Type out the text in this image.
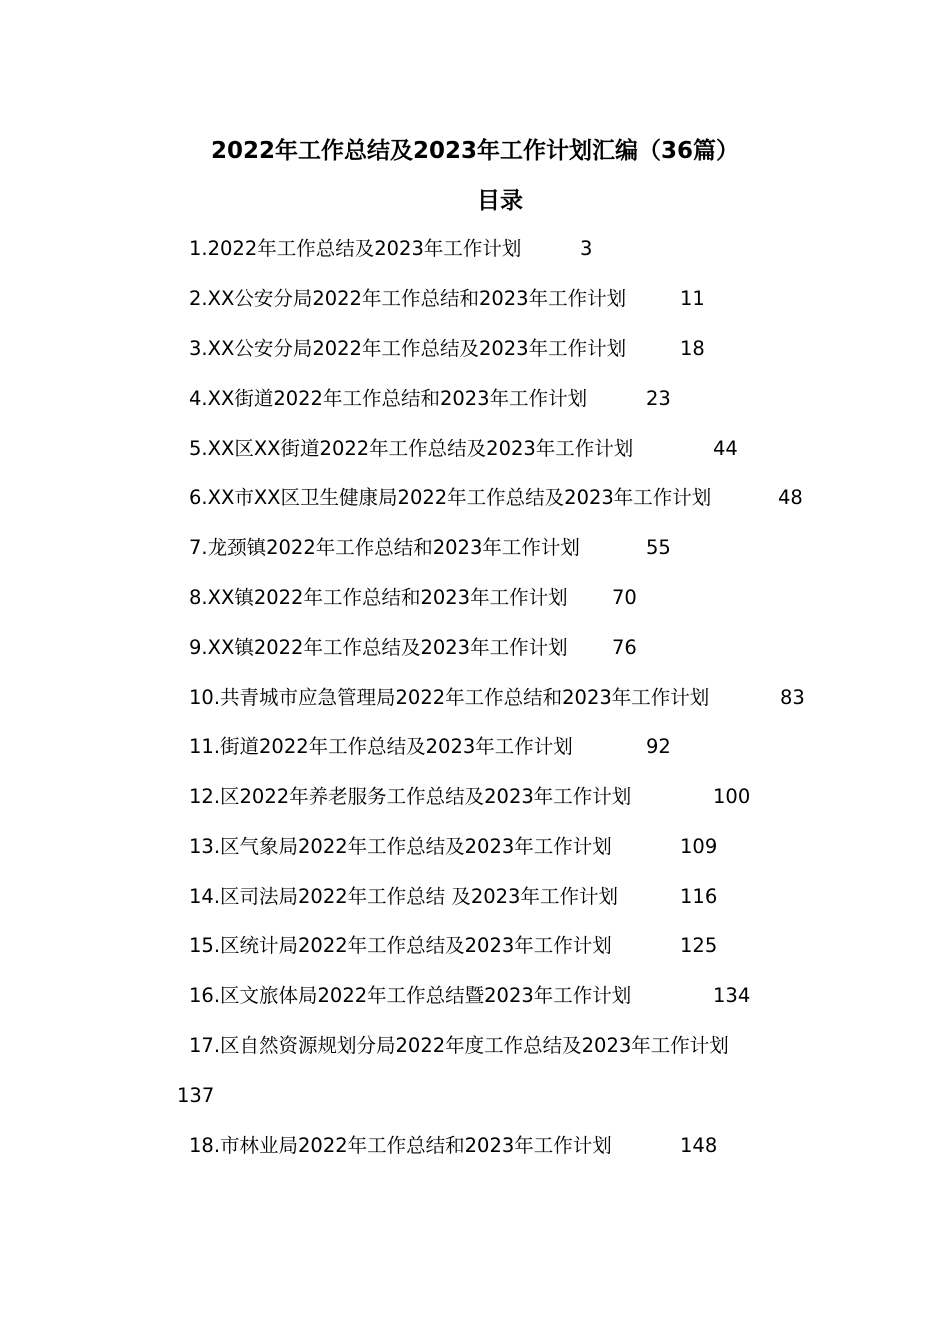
2022年工作总结及2023年工作计划汇编（36篇）
目录
1.2022年工作总结及2023年工作计划	3
2.XX公安分局2022年工作总结和2023年工作计划	11
3.XX公安分局2022年工作总结及2023年工作计划	18
4.XX街道2022年工作总结和2023年工作计划	23
5.XX区XX街道2022年工作总结及2023年工作计划	44
6.XX市XX区卫生健康局2022年工作总结及2023年工作计划	48
7.龙颈镇2022年工作总结和2023年工作计划	55
8.XX镇2022年工作总结和2023年工作计划 70
9.XX镇2022年工作总结及2023年工作计划 76
10.共青城市应急管理局2022年工作总结和2023年工作计划	83
11.街道2022年工作总结及2023年工作计划	92
12.区2022年养老服务工作总结及2023年工作计划	100
13.区气象局2022年工作总结及2023年工作计划	109
14.区司法局2022年工作总结 及2023年工作计划	116
15.区统计局2022年工作总结及2023年工作计划	125
16.区文旅体局2022年工作总结暨2023年工作计划	134
17.区自然资源规划分局2022年度工作总结及2023年工作计划
137
18.市林业局2022年工作总结和2023年工作计划	148
